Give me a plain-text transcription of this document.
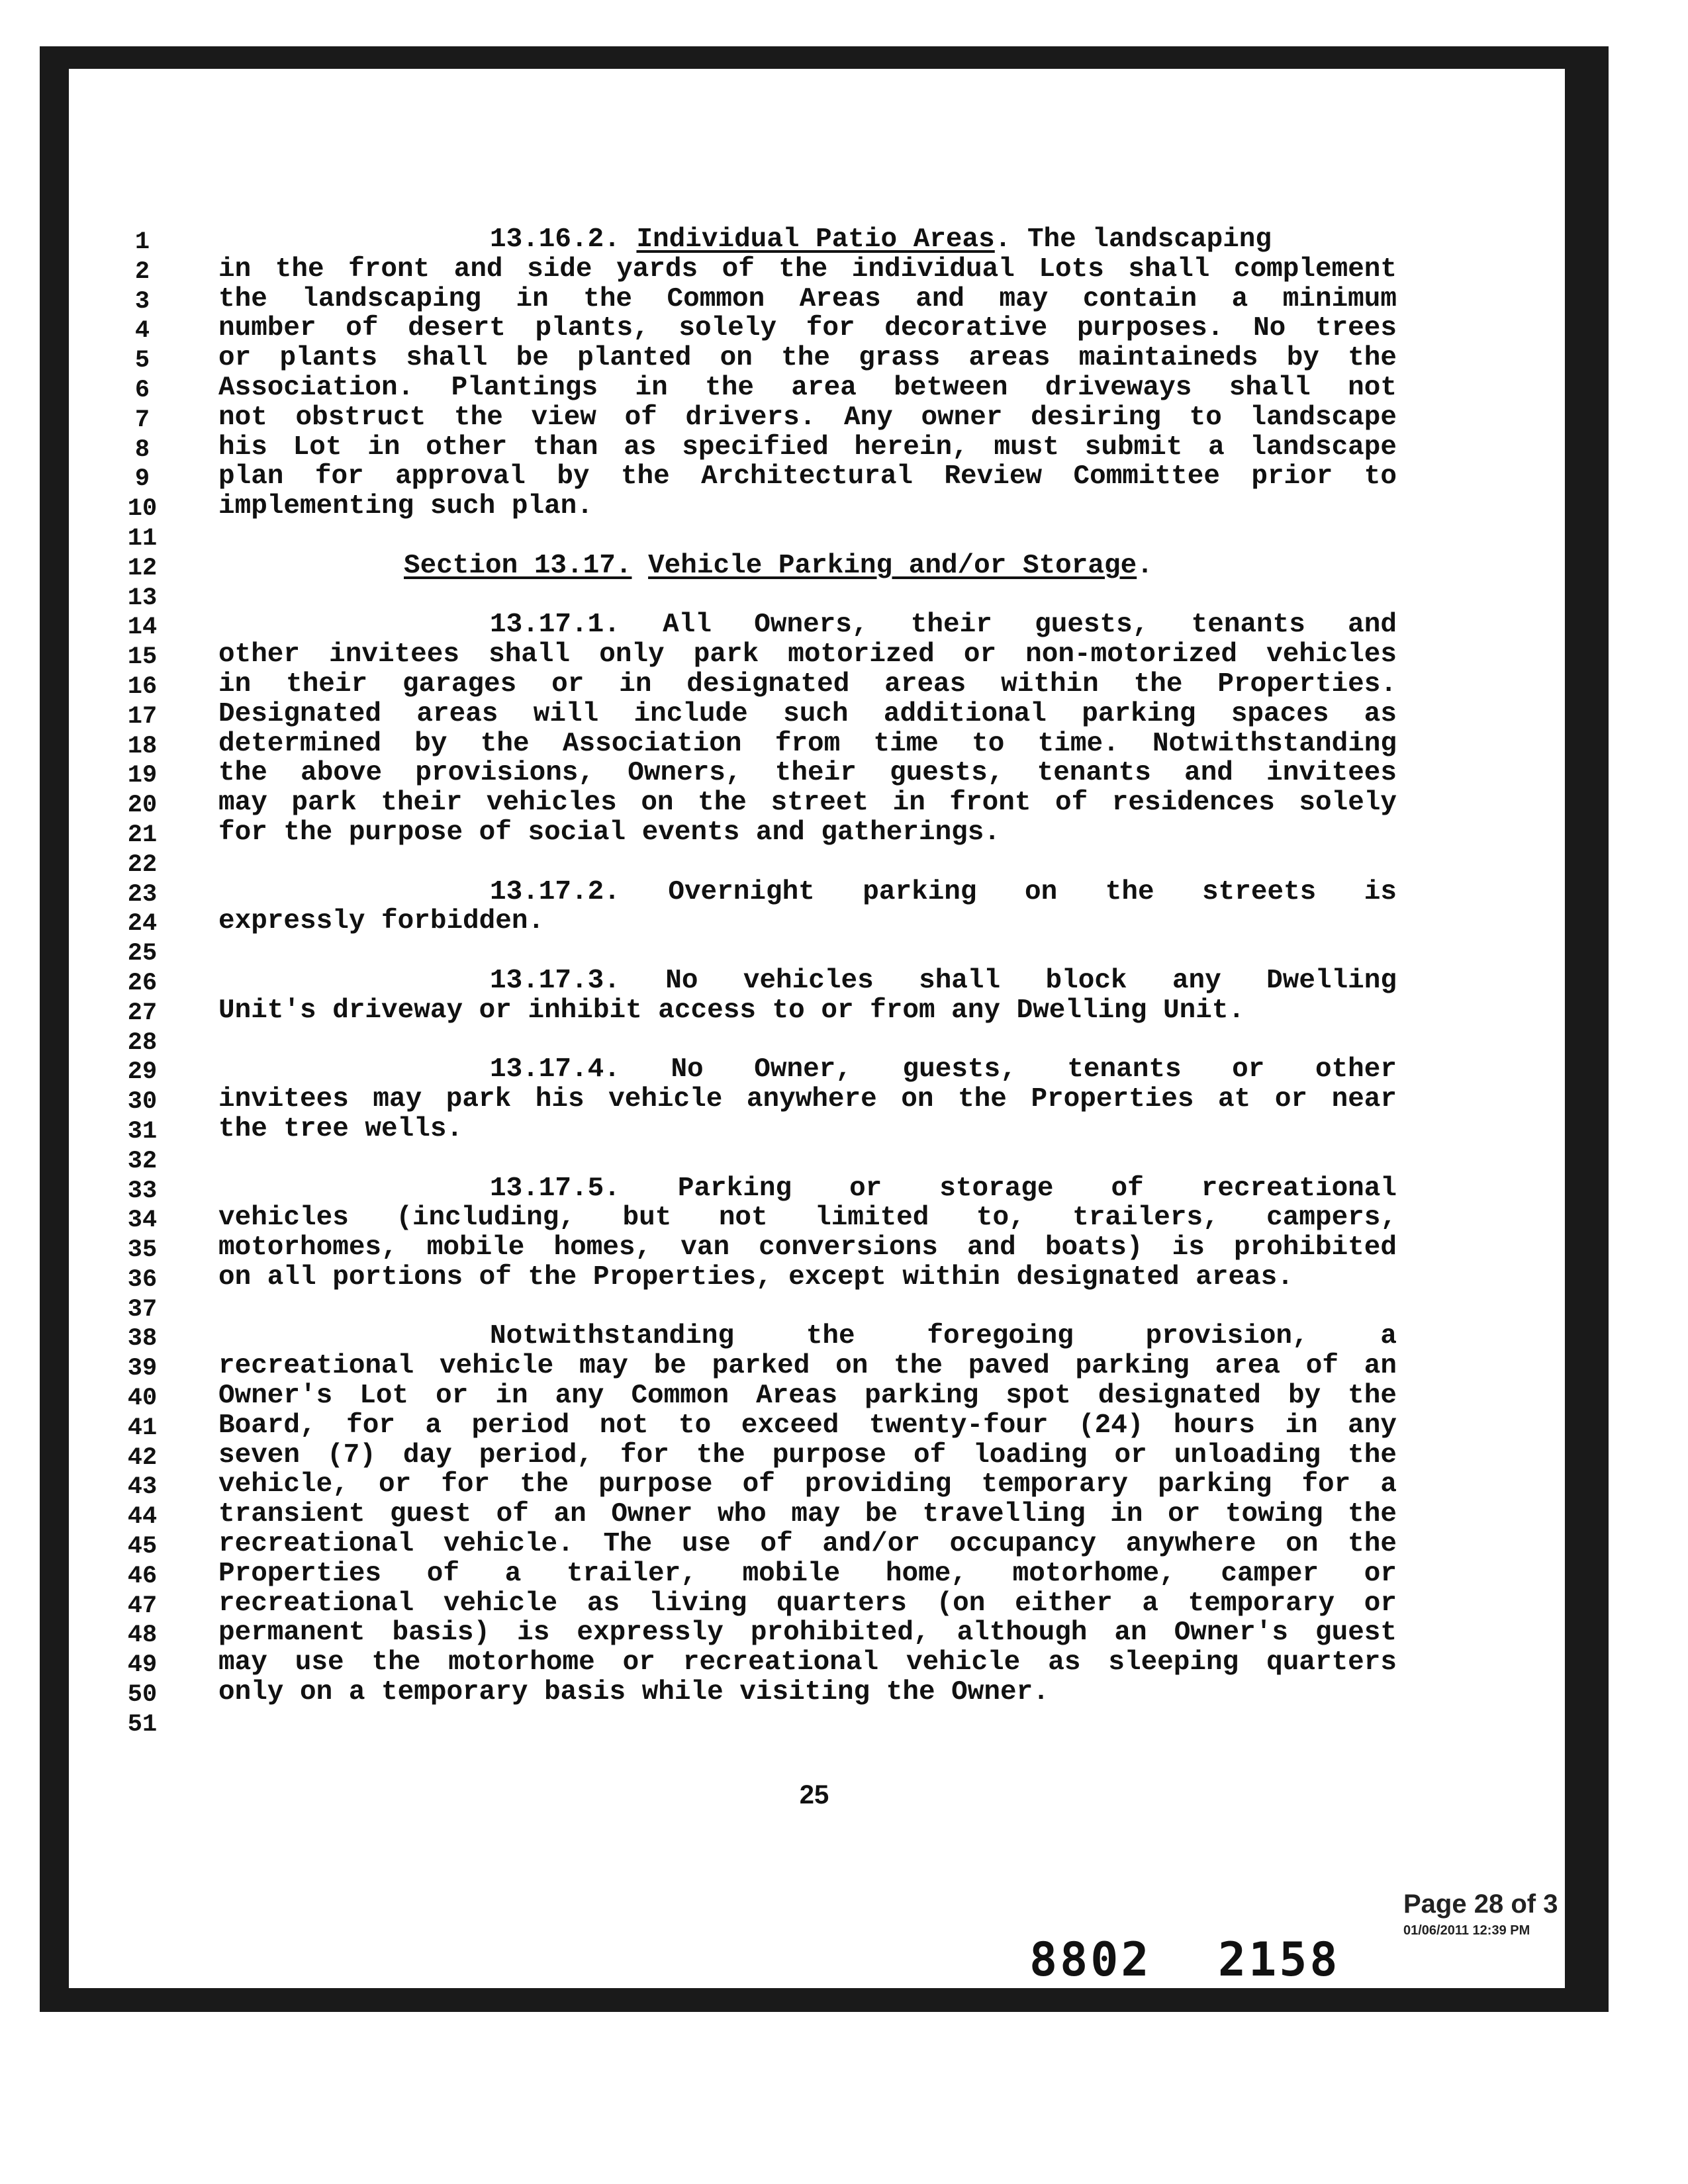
1
2
3
4
5
6
7
8
9
10
11
12
13
14
15
16
17
18
19
20
21
22
23
24
25
26
27
28
29
30
31
32
33
34
35
36
37
38
39
40
41
42
43
44
45
46
47
48
49
50
51
13.16.2. Individual Patio Areas. The landscaping
in the front and side yards of the individual Lots shall complement
the landscaping in the Common Areas and may contain a minimum
number of desert plants, solely for decorative purposes. No trees
or plants shall be planted on the grass areas maintaineds by the
Association. Plantings in the area between driveways shall not
not obstruct the view of drivers. Any owner desiring to landscape
his Lot in other than as specified herein, must submit a landscape
plan for approval by the Architectural Review Committee prior to
implementing such plan.
Section 13.17. Vehicle Parking and/or Storage.
13.17.1. All Owners, their guests, tenants and
other invitees shall only park motorized or non-motorized vehicles
in their garages or in designated areas within the Properties.
Designated areas will include such additional parking spaces as
determined by the Association from time to time. Notwithstanding
the above provisions, Owners, their guests, tenants and invitees
may park their vehicles on the street in front of residences solely
for the purpose of social events and gatherings.
13.17.2. Overnight parking on the streets is
expressly forbidden.
13.17.3. No vehicles shall block any Dwelling
Unit's driveway or inhibit access to or from any Dwelling Unit.
13.17.4. No Owner, guests, tenants or other
invitees may park his vehicle anywhere on the Properties at or near
the tree wells.
13.17.5. Parking or storage of recreational
vehicles (including, but not limited to, trailers, campers,
motorhomes, mobile homes, van conversions and boats) is prohibited
on all portions of the Properties, except within designated areas.
Notwithstanding the foregoing provision, a
recreational vehicle may be parked on the paved parking area of an
Owner's Lot or in any Common Areas parking spot designated by the
Board, for a period not to exceed twenty-four (24) hours in any
seven (7) day period, for the purpose of loading or unloading the
vehicle, or for the purpose of providing temporary parking for a
transient guest of an Owner who may be travelling in or towing the
recreational vehicle. The use of and/or occupancy anywhere on the
Properties of a trailer, mobile home, motorhome, camper or
recreational vehicle as living quarters (on either a temporary or
permanent basis) is expressly prohibited, although an Owner's guest
may use the motorhome or recreational vehicle as sleeping quarters
only on a temporary basis while visiting the Owner.
25
Page 28 of 3
01/06/2011 12:39 PM
8802 2158
